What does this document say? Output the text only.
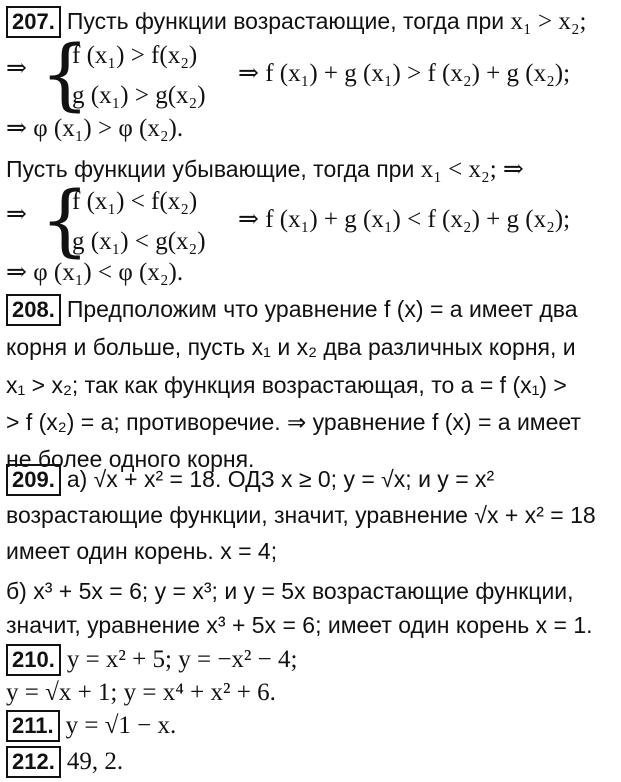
207. Пусть функции возрастающие, тогда при x₁ > x₂;
⇒ {
f (x₁) > f(x₂)
g (x₁) > g(x₂)
⇒ f (x₁) + g (x₁) > f (x₂) + g (x₂);
⇒ φ (x₁) > φ (x₂).
Пусть функции убывающие, тогда при x₁ < x₂; ⇒
⇒ {
f (x₁) < f(x₂)
g (x₁) < g(x₂)
⇒ f (x₁) + g (x₁) < f (x₂) + g (x₂);
⇒ φ (x₁) < φ (x₂).
208. Предположим что уравнение f (x) = a имеет два
корня и больше, пусть x₁ и x₂ два различных корня, и
x₁ > x₂; так как функция возрастающая, то a = f (x₁) >
> f (x₂) = a; противоречие. ⇒ уравнение f (x) = a имеет
не более одного корня.
209. а) √x + x² = 18. ОДЗ x ≥ 0; y = √x; и y = x²
возрастающие функции, значит, уравнение √x + x² = 18
имеет один корень. x = 4;
б) x³ + 5x = 6; y = x³; и y = 5x возрастающие функции,
значит, уравнение x³ + 5x = 6; имеет один корень x = 1.
210. y = x² + 5; y = −x² − 4;
y = √x + 1; y = x⁴ + x² + 6.
211. y = √1 − x.
212. 49, 2.
